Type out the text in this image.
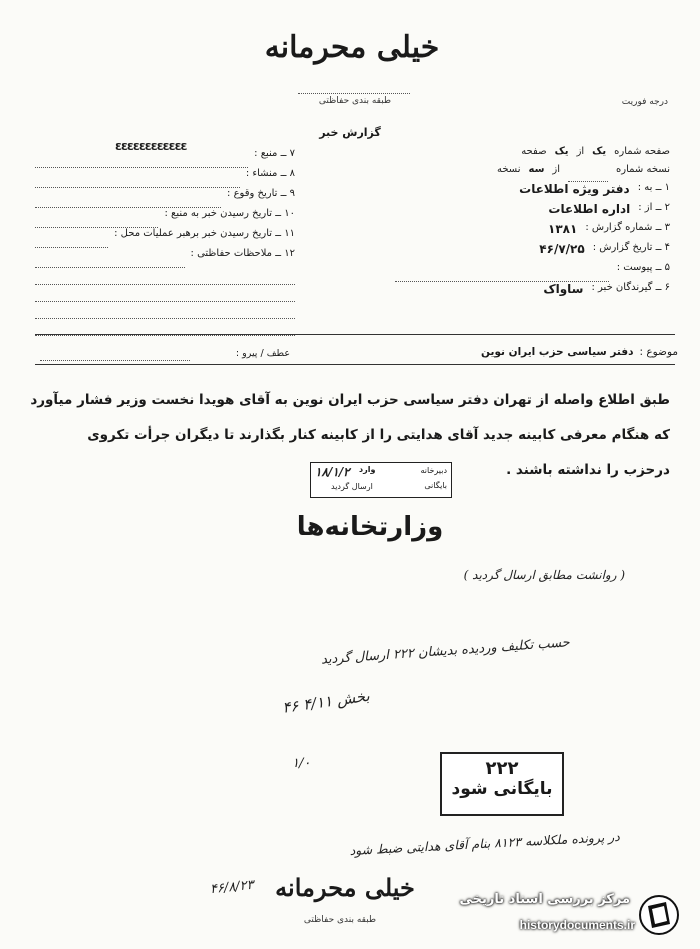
خیلی محرمانه
طبقه بندی حفاظتی	درجه فوریت
گزارش خبر
۷ ــ منبع :
ƐƐƐƐƐƐƐƐƐƐƐƐ
۸ ــ منشاء :
۹ ــ تاریخ وقوع :
۱۰ ــ تاریخ رسیدن خبر به منبع :
۱۱ ــ تاریخ رسیدن خبر برهبر عملیات محل :
۱۲ ــ ملاحظات حفاظتی :
صفحه شماره
یک
از
یک
صفحه
نسخه شماره
از
سه
نسخه
۱ ــ به :
دفتر ویژه اطلاعات
۲ ــ از :
اداره اطلاعات
۳ ــ شماره گزارش :
۱۳۸۱
۴ ــ تاریخ گزارش :
۴۶/۷/۲۵
۵ ــ پیوست :
۶ ــ گیرندگان خبر :
ساواک
موضوع :
دفتر سیاسی حزب ایران نوین
عطف / پیرو :
طبق اطلاع واصله از تهران دفتر سیاسی حزب ایران نوین به آقای هویدا نخست وزیر فشار میآورد
که هنگام معرفی کابینه جدید آقای هدایتی را از کابینه کنار بگذارند تا دیگران جرأت تکروی
درحزب را نداشته باشند .
دبیرخانه
بایگانی
وارد
۱۸/۱/۲
ارسال گردید
وزارتخانه‌ها
( روانشت مطابق ارسال گردید )
حسب تکلیف وردیده بدیشان ۲۲۲ ارسال گردید
بخش ۴/۱۱ ۴۶
۱/۰	۲۲۲
بایگانی شود
در پرونده ملکلاسه ۸۱۲۳ بنام آقای هدایتی ضبط شود
۴۶/۸/۲۳ خیلی محرمانه
طبقه بندی حفاظتی
مرکز بررسی اسناد تاریخی
historydocuments.ir
